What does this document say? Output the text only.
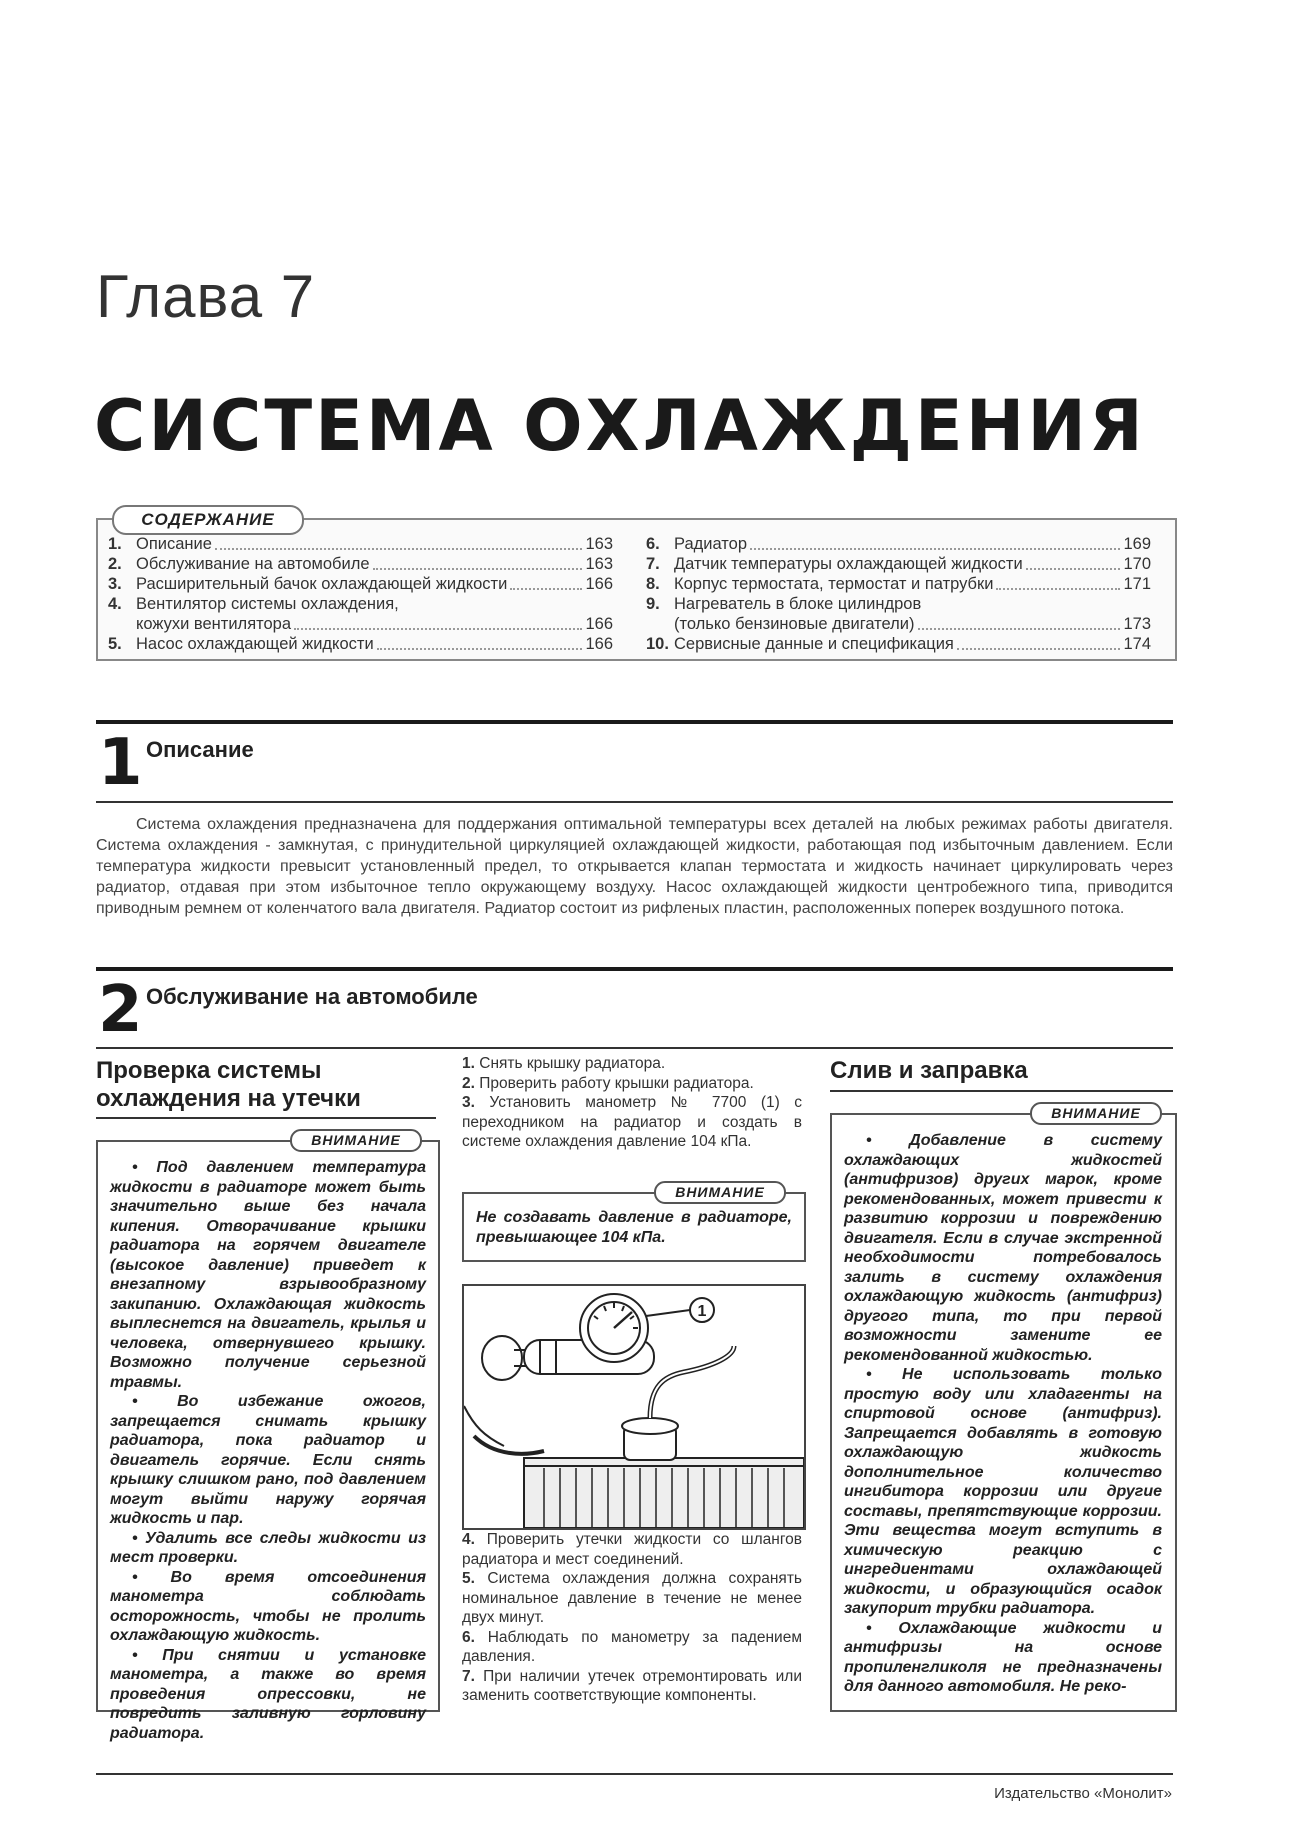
Глава 7
СИСТЕМА ОХЛАЖДЕНИЯ
1. Описание	163
2. Обслуживание на автомобиле	163
3. Расширительный бачок охлаждающей жидкости	166
4. Вентилятор системы охлаждения,
кожухи вентилятора	166
5. Насос охлаждающей жидкости	166
6. Радиатор	169
7. Датчик температуры охлаждающей жидкости	170
8. Корпус термостата, термостат и патрубки	171
9. Нагреватель в блоке цилиндров
(только бензиновые двигатели)	173
10. Сервисные данные и спецификация	174
СОДЕРЖАНИЕ
1 Описание
Система охлаждения предназначена для поддержания оптимальной температуры всех деталей на любых режимах работы двигателя. Система охлаждения - замкнутая, с принудительной циркуляцией охлаждающей жидкости, работающая под избыточным давлением. Если температура жидкости превысит установленный предел, то открывается клапан термостата и жидкость начинает циркулировать через радиатор, отдавая при этом избыточное тепло окружающему воздуху. Насос охлаждающей жидкости центробежного типа, приводится приводным ремнем от коленчатого вала двигателя. Радиатор состоит из рифленых пластин, расположенных поперек воздушного потока.
2 Обслуживание на автомобиле
Проверка системы
охлаждения на утечки

• Под давлением температура жидкости в радиаторе может быть значительно выше без начала кипения. Отворачивание крышки радиатора на горячем двигателе (высокое давление) приведет к внезапному взрывообразному закипанию. Охлаждающая жидкость выплеснется на двигатель, крылья и человека, отвернувшего крышку. Возможно получение серьезной травмы.

• Во избежание ожогов, запрещается снимать крышку радиатора, пока радиатор и двигатель горячие. Если снять крышку слишком рано, под давлением могут выйти наружу горячая жидкость и пар.

• Удалить все следы жидкости из мест проверки.

• Во время отсоединения манометра соблюдать осторожность, чтобы не пролить охлаждающую жидкость.

• При снятии и установке манометра, а также во время проведения опрессовки, не повредить заливную горловину радиатора.

ВНИМАНИЕ
1. Снять крышку радиатора.
2. Проверить работу крышки радиатора.
3. Установить манометр № 7700 (1) с переходником на радиатор и создать в системе охлаждения давление 104 кПа.
Не создавать давление в радиаторе, превышающее 104 кПа.
ВНИМАНИЕ
1
4. Проверить утечки жидкости со шлангов радиатора и мест соединений.
5. Система охлаждения должна сохранять номинальное давление в течение не менее двух минут.
6. Наблюдать по манометру за падением давления.
7. При наличии утечек отремонтировать или заменить соответствующие компоненты.
Слив и заправка

• Добавление в систему охлаждающих жидкостей (антифризов) других марок, кроме рекомендованных, может привести к развитию коррозии и повреждению двигателя. Если в случае экстренной необходимости потребовалось залить в систему охлаждения охлаждающую жидкость (антифриз) другого типа, то при первой возможности замените ее рекомендованной жидкостью.

• Не использовать только простую воду или хладагенты на спиртовой основе (антифриз). Запрещается добавлять в готовую охлаждающую жидкость дополнительное количество ингибитора коррозии или другие составы, препятствующие коррозии. Эти вещества могут вступить в химическую реакцию с ингредиентами охлаждающей жидкости, и образующийся осадок закупорит трубки радиатора.

• Охлаждающие жидкости и антифризы на основе пропиленгликоля не предназначены для данного автомобиля. Не реко-

ВНИМАНИЕ
Издательство «Монолит»
